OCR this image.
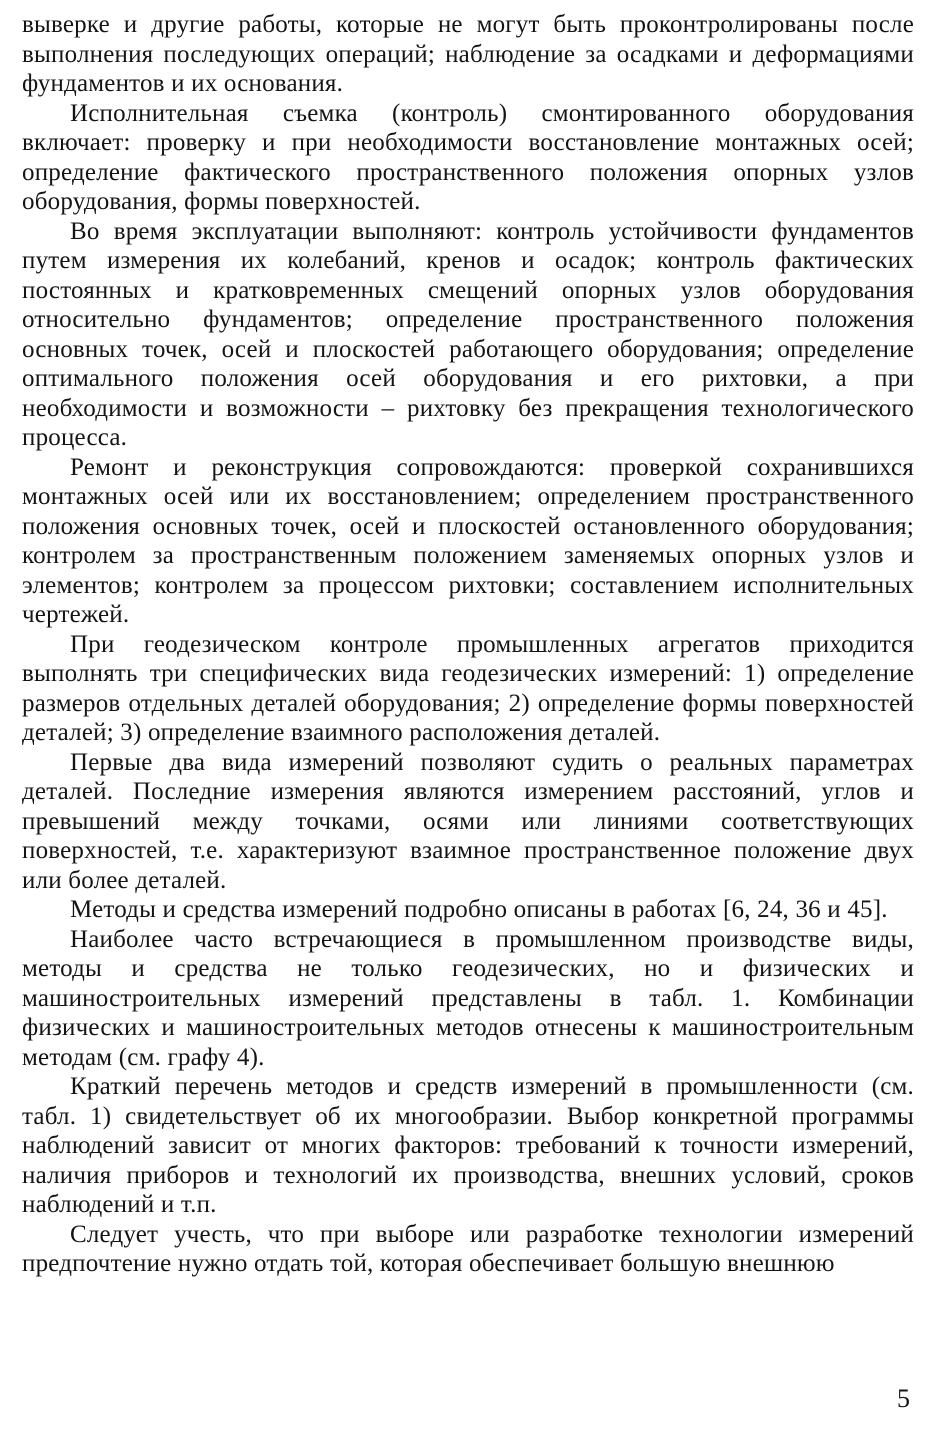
выверке и другие работы, которые не могут быть проконтролированы после выполнения последующих операций; наблюдение за осадками и деформациями фундаментов и их основания.

Исполнительная съемка (контроль) смонтированного оборудования включает: проверку и при необходимости восстановление монтажных осей; определение фактического пространственного положения опорных узлов оборудования, формы поверхностей.

Во время эксплуатации выполняют: контроль устойчивости фундаментов путем измерения их колебаний, кренов и осадок; контроль фактических постоянных и кратковременных смещений опорных узлов оборудования относительно фундаментов; определение пространственного положения основных точек, осей и плоскостей работающего оборудования; определение оптимального положения осей оборудования и его рихтовки, а при необходимости и возможности – рихтовку без прекращения технологического процесса.

Ремонт и реконструкция сопровождаются: проверкой сохранившихся монтажных осей или их восстановлением; определением пространственного положения основных точек, осей и плоскостей остановленного оборудования; контролем за пространственным положением заменяемых опорных узлов и элементов; контролем за процессом рихтовки; составлением исполнительных чертежей.

При геодезическом контроле промышленных агрегатов приходится выполнять три специфических вида геодезических измерений: 1) определение размеров отдельных деталей оборудования; 2) определение формы поверхностей деталей; 3) определение взаимного расположения деталей.

Первые два вида измерений позволяют судить о реальных параметрах деталей. Последние измерения являются измерением расстояний, углов и превышений между точками, осями или линиями соответствующих поверхностей, т.е. характеризуют взаимное пространственное положение двух или более деталей.

Методы и средства измерений подробно описаны в работах [6, 24, 36 и 45].

Наиболее часто встречающиеся в промышленном производстве виды, методы и средства не только геодезических, но и физических и машиностроительных измерений представлены в табл. 1. Комбинации физических и машиностроительных методов отнесены к машиностроительным методам (см. графу 4).

Краткий перечень методов и средств измерений в промышленности (см. табл. 1) свидетельствует об их многообразии. Выбор конкретной программы наблюдений зависит от многих факторов: требований к точности измерений, наличия приборов и технологий их производства, внешних условий, сроков наблюдений и т.п.

Следует учесть, что при выборе или разработке технологии измерений предпочтение нужно отдать той, которая обеспечивает большую внешнюю

5
